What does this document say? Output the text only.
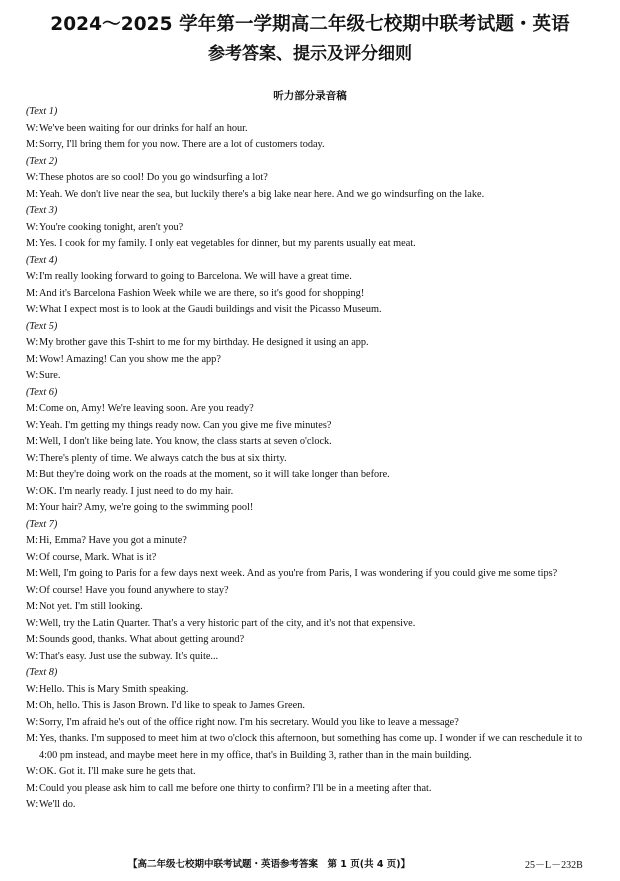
2024～2025 学年第一学期高二年级七校期中联考试题・英语
参考答案、提示及评分细则
听力部分录音稿
(Text 1)
W: We've been waiting for our drinks for half an hour.
M: Sorry, I'll bring them for you now. There are a lot of customers today.
(Text 2)
W: These photos are so cool! Do you go windsurfing a lot?
M: Yeah. We don't live near the sea, but luckily there's a big lake near here. And we go windsurfing on the lake.
(Text 3)
W: You're cooking tonight, aren't you?
M: Yes. I cook for my family. I only eat vegetables for dinner, but my parents usually eat meat.
(Text 4)
W: I'm really looking forward to going to Barcelona. We will have a great time.
M: And it's Barcelona Fashion Week while we are there, so it's good for shopping!
W: What I expect most is to look at the Gaudi buildings and visit the Picasso Museum.
(Text 5)
W: My brother gave this T-shirt to me for my birthday. He designed it using an app.
M: Wow! Amazing! Can you show me the app?
W: Sure.
(Text 6)
M: Come on, Amy! We're leaving soon. Are you ready?
W: Yeah. I'm getting my things ready now. Can you give me five minutes?
M: Well, I don't like being late. You know, the class starts at seven o'clock.
W: There's plenty of time. We always catch the bus at six thirty.
M: But they're doing work on the roads at the moment, so it will take longer than before.
W: OK. I'm nearly ready. I just need to do my hair.
M: Your hair? Amy, we're going to the swimming pool!
(Text 7)
M: Hi, Emma? Have you got a minute?
W: Of course, Mark. What is it?
M: Well, I'm going to Paris for a few days next week. And as you're from Paris, I was wondering if you could give me some tips?
W: Of course! Have you found anywhere to stay?
M: Not yet. I'm still looking.
W: Well, try the Latin Quarter. That's a very historic part of the city, and it's not that expensive.
M: Sounds good, thanks. What about getting around?
W: That's easy. Just use the subway. It's quite...
(Text 8)
W: Hello. This is Mary Smith speaking.
M: Oh, hello. This is Jason Brown. I'd like to speak to James Green.
W: Sorry, I'm afraid he's out of the office right now. I'm his secretary. Would you like to leave a message?
M: Yes, thanks. I'm supposed to meet him at two o'clock this afternoon, but something has come up. I wonder if we can reschedule it to 4:00 pm instead, and maybe meet here in my office, that's in Building 3, rather than in the main building.
W: OK. Got it. I'll make sure he gets that.
M: Could you please ask him to call me before one thirty to confirm? I'll be in a meeting after that.
W: We'll do.
【高二年级七校期中联考试题・英语参考答案　第 1 页(共 4 页)】	25－L－232B
